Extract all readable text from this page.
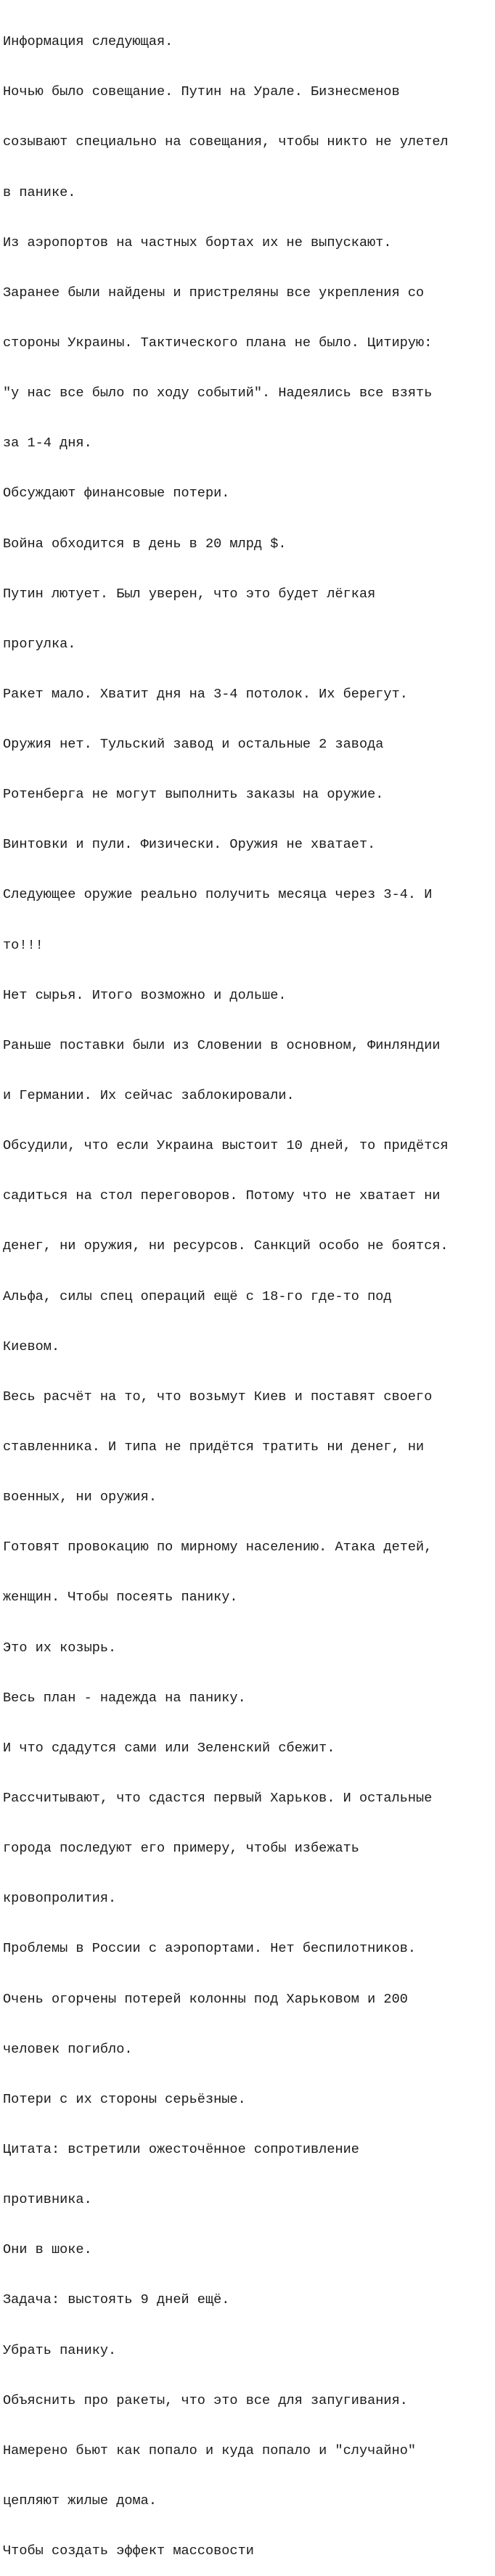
Информация следующая.

Ночью было совещание. Путин на Урале. Бизнесменов

созывают специально на совещания, чтобы никто не улетел

в панике.

Из аэропортов на частных бортах их не выпускают.

Заранее были найдены и пристреляны все укрепления со

стороны Украины. Тактического плана не было. Цитирую:

"у нас все было по ходу событий". Надеялись все взять

за 1-4 дня.

Обсуждают финансовые потери.

Война обходится в день в 20 млрд $.

Путин лютует. Был уверен, что это будет лёгкая

прогулка.

Ракет мало. Хватит дня на 3-4 потолок. Их берегут.

Оружия нет. Тульский завод и остальные 2 завода

Ротенберга не могут выполнить заказы на оружие.

Винтовки и пули. Физически. Оружия не хватает.

Следующее оружие реально получить месяца через 3-4. И

то!!!

Нет сырья. Итого возможно и дольше.

Раньше поставки были из Словении в основном, Финляндии

и Германии. Их сейчас заблокировали.

Обсудили, что если Украина выстоит 10 дней, то придётся

садиться на стол переговоров. Потому что не хватает ни

денег, ни оружия, ни ресурсов. Санкций особо не боятся.

Альфа, силы спец операций ещё с 18-го где-то под

Киевом.

Весь расчёт на то, что возьмут Киев и поставят своего

ставленника. И типа не придётся тратить ни денег, ни

военных, ни оружия.

Готовят провокацию по мирному населению. Атака детей,

женщин. Чтобы посеять панику.

Это их козырь.

Весь план - надежда на панику.

И что сдадутся сами или Зеленский сбежит.

Рассчитывают, что сдастся первый Харьков. И остальные

города последуют его примеру, чтобы избежать

кровопролития.

Проблемы в России с аэропортами. Нет беспилотников.

Очень огорчены потерей колонны под Харьковом и 200

человек погибло.

Потери с их стороны серьёзные.

Цитата: встретили ожесточённое сопротивление

противника.

Они в шоке.

Задача: выстоять 9 дней ещё.

Убрать панику.

Объяснить про ракеты, что это все для запугивания.

Намерено бьют как попало и куда попало и "случайно"

цепляют жилые дома.

Чтобы создать эффект массовости
